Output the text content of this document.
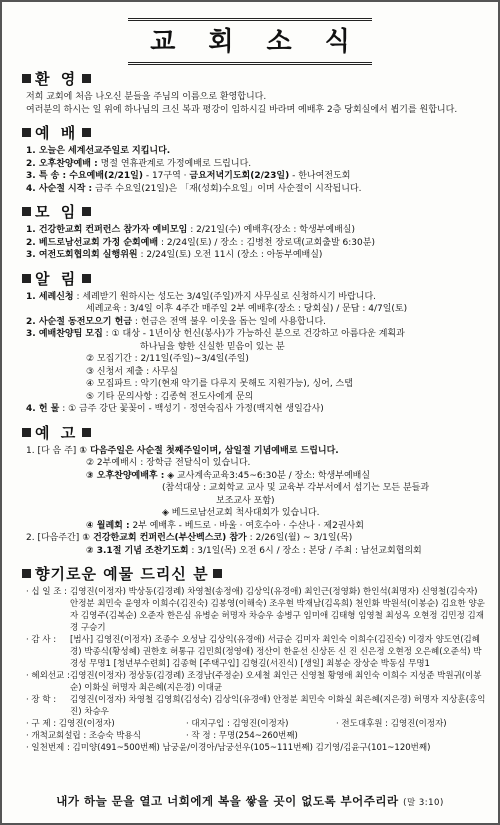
교 회 소 식
환 영
저희 교회에 처음 나오신 분들을 주님의 이름으로 환영합니다.
여러분의 하시는 일 위에 하나님의 크신 복과 평강이 임하시길 바라며 예배후 2층 당회실에서 뵙기를 원합니다.
예 배
1. 오늘은 세계선교주일로 지킵니다.
2. 오후찬양예배 : 명절 연휴관계로 가정예배로 드립니다.
3. 특 송 : 수요예배(2/21일) - 17구역 · 금요저녁기도회(2/23일) - 한나여전도회
4. 사순절 시작 : 금주 수요일(21일)은 「재(성회)수요일」이며 사순절이 시작됩니다.
모 임
1. 건강한교회 컨퍼런스 참가자 예비모임 : 2/21일(수) 예배후(장소 : 학생부예배실)
2. 베드로남선교회 가정 순회예배 : 2/24일(토) / 장소 : 김병천 장로댁(교회출발 6:30분)
3. 여전도회협의회 실행위원 : 2/24일(토) 오전 11시 (장소 : 아동부예배실)
알 림
1. 세례신청 : 세례받기 원하시는 성도는 3/4일(주일)까지 사무실로 신청하시기 바랍니다.
세례교육 : 3/4일 이후 4주간 매주일 2부 예배후(장소 : 당회실) / 문답 : 4/7일(토)
2. 사순절 동전모으기 헌금 : 헌금은 전액 불우 이웃을 돕는 일에 사용합니다.
3. 예배찬양팀 모집 : ① 대상 - 1년이상 헌신(봉사)가 가능하신 분으로 건강하고 아름다운 계획과
하나님을 향한 신실한 믿음이 있는 분
② 모집기간 : 2/11일(주일)~3/4일(주일)
③ 신청서 제출 : 사무실
④ 모집파트 : 악기(현재 악기를 다루지 못해도 지원가능), 싱어, 스탭
⑤ 기타 문의사항 : 김종혁 전도사에게 문의
4. 헌 물 : ① 금주 강단 꽃꽂이 - 백성기 · 정연숙집사 가정(백지현 생일감사)
예 고
1. [다 음 주] ① 다음주일은 사순절 첫째주일이며, 삼일절 기념예배로 드립니다.
② 2부예배시 : 장학금 전달식이 있습니다.
③ 오후찬양예배후 : ◈ 교사계속교육3:45~6:30분 / 장소: 학생부예배실
(참석대상 : 교회학교 교사 및 교육부 각부서에서 섬기는 모든 분들과
보조교사 포함)
◈ 베드로남선교회 척사대회가 있습니다.
④ 월례회 : 2부 예배후 - 베드로 · 바울 · 여호수아 · 수산나 · 제2권사회
2. [다음주간] ① 건강한교회 컨퍼런스(부산벡스코) 참가 : 2/26일(월) ~ 3/1일(목)
② 3.1절 기념 조찬기도회 : 3/1일(목) 오전 6시 / 장소 : 본당 / 주최 : 남선교회협의회
향기로운 예물 드리신 분
· 십 일 조 : 김영진(이정자) 박상동(김경례) 차영철(송정애) 김상익(유경애) 최인근(정영화) 한인석(최명자) 신영철(김숙자) 안정분 최민숙 윤영자 이희수(김진숙) 김봉영(이해숙) 조우현 박재남(김옥희) 천인화 박원석(이봉순) 김요한 양운자 김영주(김복순) 오준자 한은심 유병순 허명자 차승우 송병구 임미애 김태형 임영철 최성옥 오현정 김민정 김재경 구승기
· 감 사 :	[범사] 김영진(이정자) 조종수 오성남 김상익(유경애) 서금순 김미자 최인숙 이희수(김진숙) 이경자 양도연(김혜경) 박종식(황성혜) 권한호 허통규 김민희(정영애) 정산이 한윤선 신상돈 신 진 신은정 오현정 오은혜(오준석) 박경성 무명1 [청년부수련회] 김종혁 [주택구입] 김형길(서진식) [생일] 최봉순 장상순 박동심 무명1
· 헤외선교 : 김영진(이정자) 정상동(김경례) 조경남(주정순) 오세철 최인근 신영철 황영애 최인숙 이희수 지성준 박원귀(이봉순) 이화실 허명자 최은혜(지은경) 이대균
· 장 학 :	김영진(이정자) 차영철 김영희(김성숙) 김상익(유경애) 안정분 최민숙 이화실 최은혜(지은경) 허명자 지상훈(홍익진) 차승우
· 구 제 : 김영진(이정자)	· 대지구입 : 김영진(이정자)	· 전도대후원 : 김영진(이정자)
· 개척교회설립 : 조승숙 박용식	· 작 정 : 무명(254~260번째)
· 일천번제 : 김미양(491~500번째) 남궁윤/이경아/남궁선우(105~111번째) 김기영/김윤구(101~120번째)
내가 하늘 문을 열고 너희에게 복을 쌓을 곳이 없도록 부어주리라 (말 3:10)
